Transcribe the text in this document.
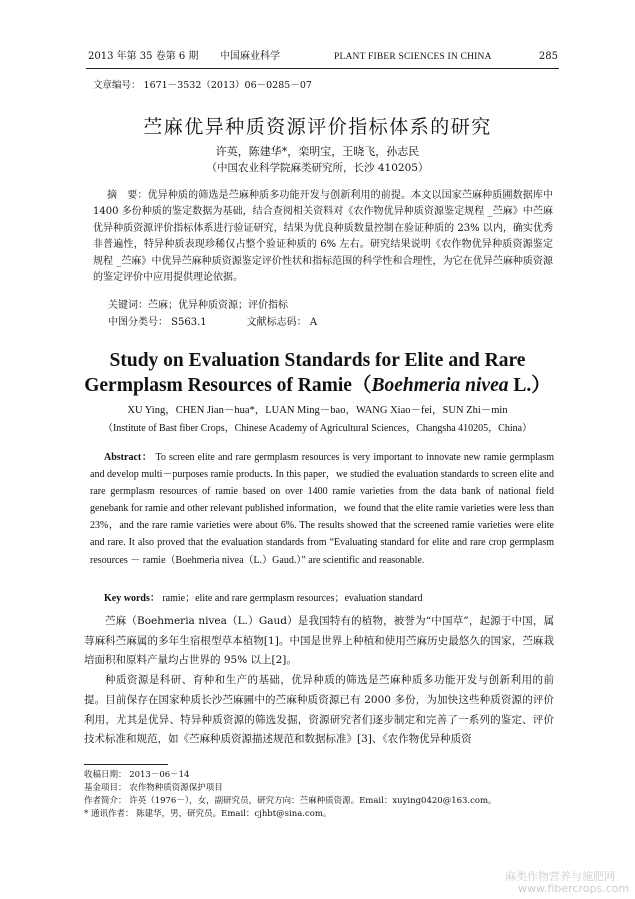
2013 年第 35 卷第 6 期 中国麻业科学	PLANT FIBER SCIENCES IN CHINA	285
文章编号： 1671－3532（2013）06－0285－07
苎麻优异种质资源评价指标体系的研究
许英，陈建华*，栾明宝，王晓飞，孙志民
（中国农业科学院麻类研究所，长沙 410205）

摘　要：优异种质的筛选是苎麻种质多功能开发与创新利用的前提。本文以国家苎麻种质圃数据库中 1400 多份种质的鉴定数据为基础，结合查阅相关资料对《农作物优异种质资源鉴定规程 _苎麻》中苎麻优异种质资源评价指标体系进行验证研究，结果为优良种质数量控制在验证种质的 23% 以内，确实优秀非普遍性，特异种质表现珍稀仅占整个验证种质的 6% 左右。研究结果说明《农作物优异种质资源鉴定规程 _苎麻》中优异苎麻种质资源鉴定评价性状和指标范围的科学性和合理性，为它在优异苎麻种质资源的鉴定评价中应用提供理论依据。

关键词：苎麻；优异种质资源；评价指标
中图分类号： S563.1	文献标志码： A
Study on Evaluation Standards for Elite and Rare
Germplasm Resources of Ramie（Boehmeria nivea L.）
XU Ying，CHEN Jian－hua*，LUAN Ming－bao，WANG Xiao－fei，SUN Zhi－min
（Institute of Bast fiber Crops，Chinese Academy of Agricultural Sciences，Changsha 410205，China）

Abstract： To screen elite and rare germplasm resources is very important to innovate new ramie germplasm and develop multi－purposes ramie products. In this paper，we studied the evaluation standards to screen elite and rare germplasm resources of ramie based on over 1400 ramie varieties from the data bank of national field genebank for ramie and other relevant published information，we found that the elite ramie varieties were less than 23%，and the rare ramie varieties were about 6%. The results showed that the screened ramie varieties were elite and rare. It also proved that the evaluation standards from “Evaluating standard for elite and rare crop germplasm resources － ramie（Boehmeria nivea（L.）Gaud.）” are scientific and reasonable.

Key words： ramie；elite and rare germplasm resources；evaluation standard

苎麻（Boehmeria nivea（L.）Gaud）是我国特有的植物，被誉为“中国草”，起源于中国，属荨麻科苎麻属的多年生宿根型草本植物[1]。中国是世界上种植和使用苎麻历史最悠久的国家，苎麻栽培面积和原料产量均占世界的 95% 以上[2]。

种质资源是科研、育种和生产的基础，优异种质的筛选是苎麻种质多功能开发与创新利用的前提。目前保存在国家种质长沙苎麻圃中的苎麻种质资源已有 2000 多份，为加快这些种质资源的评价利用，尤其是优异、特异种质资源的筛选发掘，资源研究者们逐步制定和完善了一系列的鉴定、评价技术标准和规范，如《苎麻种质资源描述规范和数据标准》[3]、《农作物优异种质资

收稿日期： 2013－06－14
基金项目： 农作物种质资源保护项目
作者简介： 许英（1976－），女，副研究员，研究方向：苎麻种质资源。Email：xuying0420@163.com。
* 通讯作者： 陈建华，男，研究员。Email：cjhbt@sina.com。
麻类作物营养与施肥网
www.fibercrops.com
